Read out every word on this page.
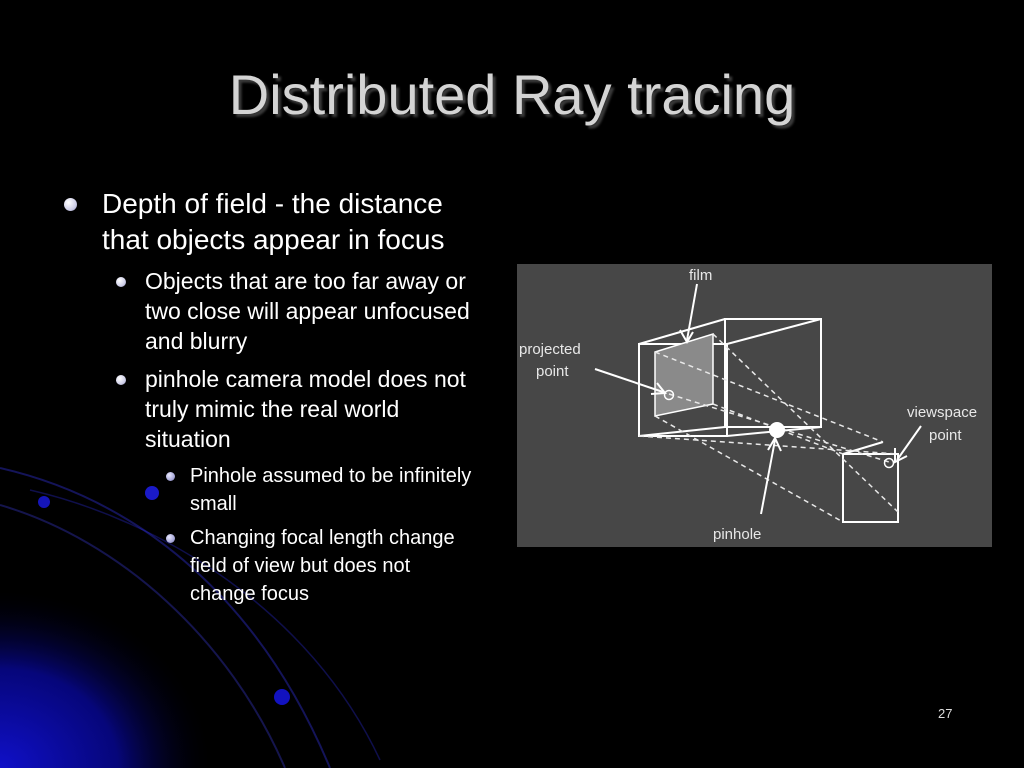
Distributed Ray tracing
Depth of field - the distance that objects appear in focus
Objects that are too far away or two close will appear unfocused and blurry
pinhole camera model does not truly mimic the real world situation
Pinhole assumed to be infinitely small
Changing focal length change field of view but does not change focus
film
projected
point
viewspace
point
pinhole
27
